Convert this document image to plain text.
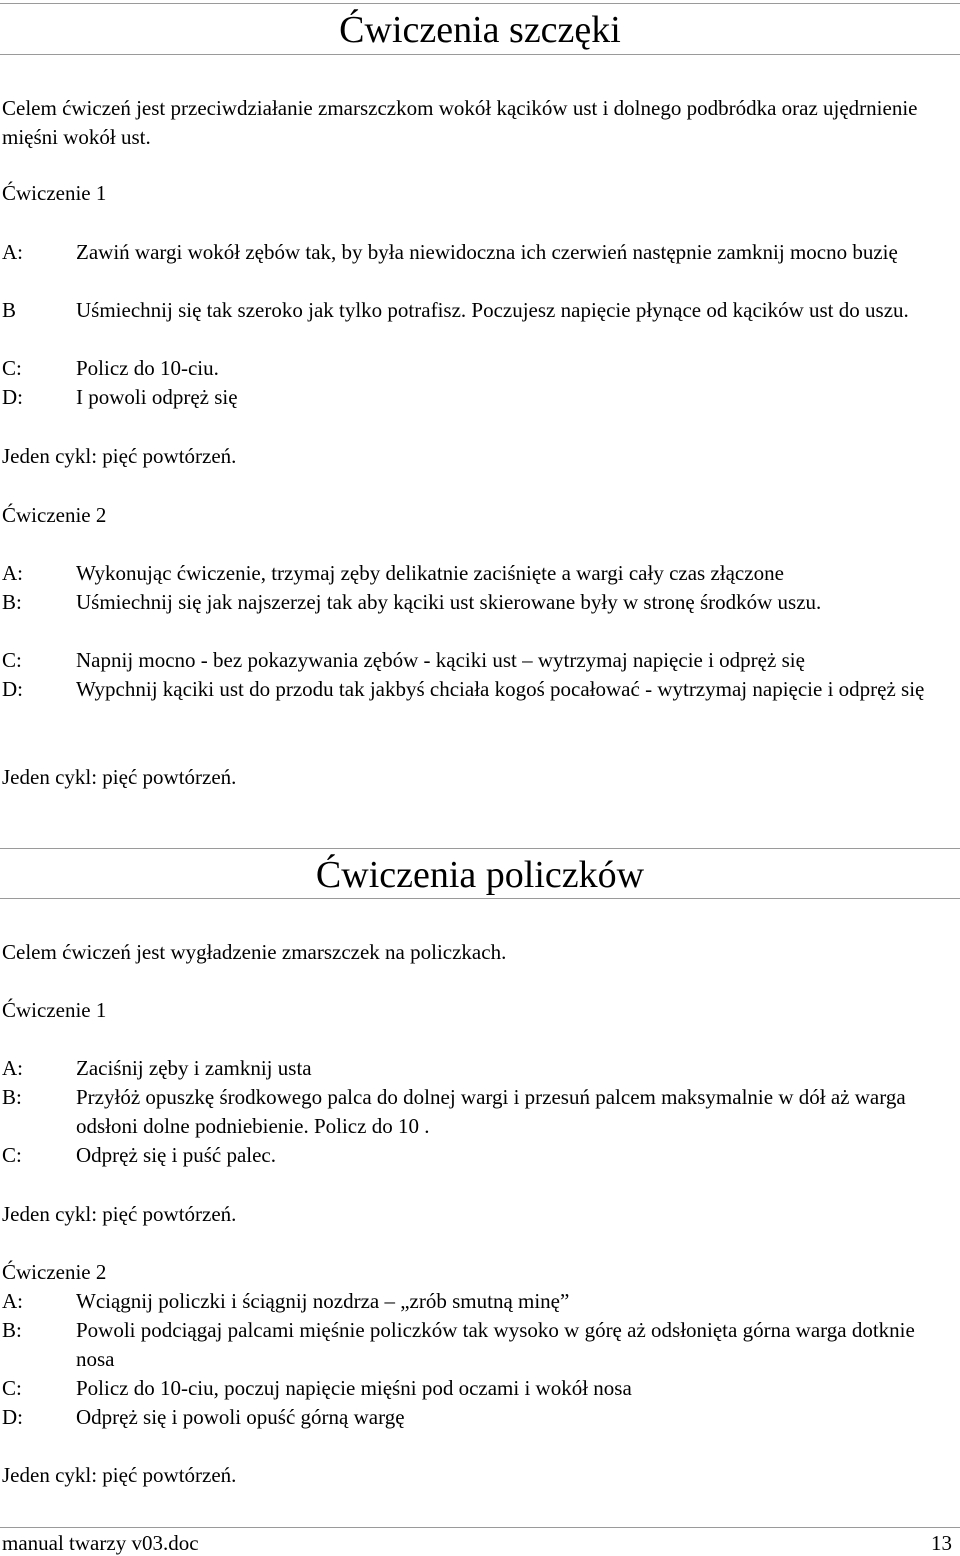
Ćwiczenia szczęki

Celem ćwiczeń jest przeciwdziałanie zmarszczkom wokół kącików ust i dolnego podbródka oraz ujędrnienie mięśni wokół ust.

Ćwiczenie 1
A:	Zawiń wargi wokół zębów tak, by była niewidoczna ich czerwień następnie zamknij mocno buzię
B	Uśmiechnij się tak szeroko jak tylko potrafisz. Poczujesz napięcie płynące od kącików ust do uszu.
C:	Policz do 10-ciu.
D:	I powoli odpręż się
Jeden cykl: pięć powtórzeń.
Ćwiczenie 2
A:	Wykonując ćwiczenie, trzymaj zęby delikatnie zaciśnięte a wargi cały czas złączone
B:	Uśmiechnij się jak najszerzej tak aby kąciki ust skierowane były w stronę środków uszu.
C:	Napnij mocno - bez pokazywania zębów - kąciki ust – wytrzymaj napięcie i odpręż się
D:	Wypchnij kąciki ust do przodu tak jakbyś chciała kogoś pocałować - wytrzymaj napięcie i odpręż się
Jeden cykl: pięć powtórzeń.
Ćwiczenia policzków

Celem ćwiczeń jest wygładzenie zmarszczek na policzkach.

Ćwiczenie 1
A:	Zaciśnij zęby i zamknij usta
B:	Przyłóż opuszkę środkowego palca do dolnej wargi i przesuń palcem maksymalnie w dół aż warga odsłoni dolne podniebienie. Policz do 10 .
C:	Odpręż się i puść palec.
Jeden cykl: pięć powtórzeń.
Ćwiczenie 2
A:	Wciągnij policzki i ściągnij nozdrza – „zrób smutną minę”
B:	Powoli podciągaj palcami mięśnie policzków tak wysoko w górę aż odsłonięta górna warga dotknie nosa
C:	Policz do 10-ciu, poczuj napięcie mięśni pod oczami i wokół nosa
D:	Odpręż się i powoli opuść górną wargę
Jeden cykl: pięć powtórzeń.
manual twarzy v03.doc	13
